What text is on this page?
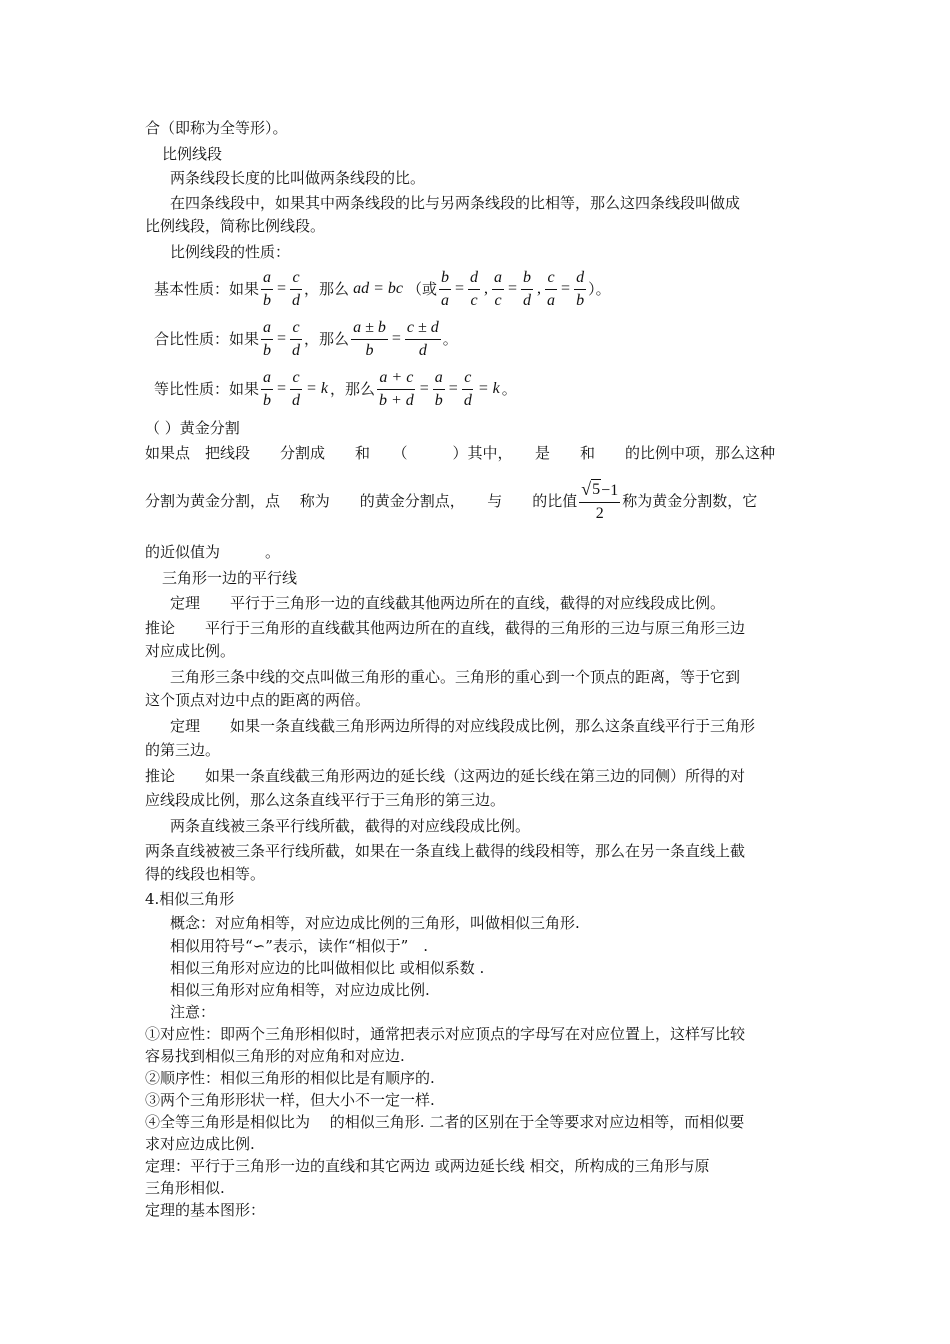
合（即称为全等形）。
比例线段
两条线段长度的比叫做两条线段的比。
在四条线段中，如果其中两条线段的比与另两条线段的比相等，那么这四条线段叫做成
比例线段，简称比例线段。
比例线段的性质：
基本性质：如果 $\frac{a}{b} = \frac{c}{d}$ ，那么 ad = bc （或 $\frac{b}{a} = \frac{d}{c}$ , $\frac{a}{c} = \frac{b}{d}$ , $\frac{c}{a} = \frac{d}{b}$ ）。
合比性质：如果 $\frac{a}{b} = \frac{c}{d}$ ，那么 $\frac{a \pm b}{b} = \frac{c \pm d}{d}$ 。
等比性质：如果 $\frac{a}{b} = \frac{c}{d} = k$ ，那么 $\frac{a + c}{b + d} = \frac{a}{b} = \frac{c}{d} = k$ 。
（ ）黄金分割
如果点　把线段　　分割成　　和　　（　　　）其中，　　是　　和　　的比例中项，那么这种
分割为黄金分割，点　 称为　　的黄金分割点，　　与　　的比值 $\frac{√ 5 -1}{2}$ 称为黄金分割数，它
的近似值为　　　。
三角形一边的平行线
定理　　平行于三角形一边的直线截其他两边所在的直线，截得的对应线段成比例。
推论　　平行于三角形的直线截其他两边所在的直线，截得的三角形的三边与原三角形三边
对应成比例。
三角形三条中线的交点叫做三角形的重心。三角形的重心到一个顶点的距离，等于它到
这个顶点对边中点的距离的两倍。
定理　　如果一条直线截三角形两边所得的对应线段成比例，那么这条直线平行于三角形
的第三边。
推论　　如果一条直线截三角形两边的延长线（这两边的延长线在第三边的同侧）所得的对
应线段成比例，那么这条直线平行于三角形的第三边。
两条直线被三条平行线所截，截得的对应线段成比例。
两条直线被被三条平行线所截，如果在一条直线上截得的线段相等，那么在另一条直线上截
得的线段也相等。
4.相似三角形
概念：对应角相等，对应边成比例的三角形，叫做相似三角形.
相似用符号“∽”表示，读作“相似于”　.
相似三角形对应边的比叫做相似比 或相似系数 .
相似三角形对应角相等，对应边成比例.
注意：
①对应性：即两个三角形相似时，通常把表示对应顶点的字母写在对应位置上，这样写比较
容易找到相似三角形的对应角和对应边.
②顺序性：相似三角形的相似比是有顺序的.
③两个三角形形状一样，但大小不一定一样.
④全等三角形是相似比为　 的相似三角形. 二者的区别在于全等要求对应边相等，而相似要
求对应边成比例.
定理：平行于三角形一边的直线和其它两边 或两边延长线 相交，所构成的三角形与原
三角形相似.
定理的基本图形：
